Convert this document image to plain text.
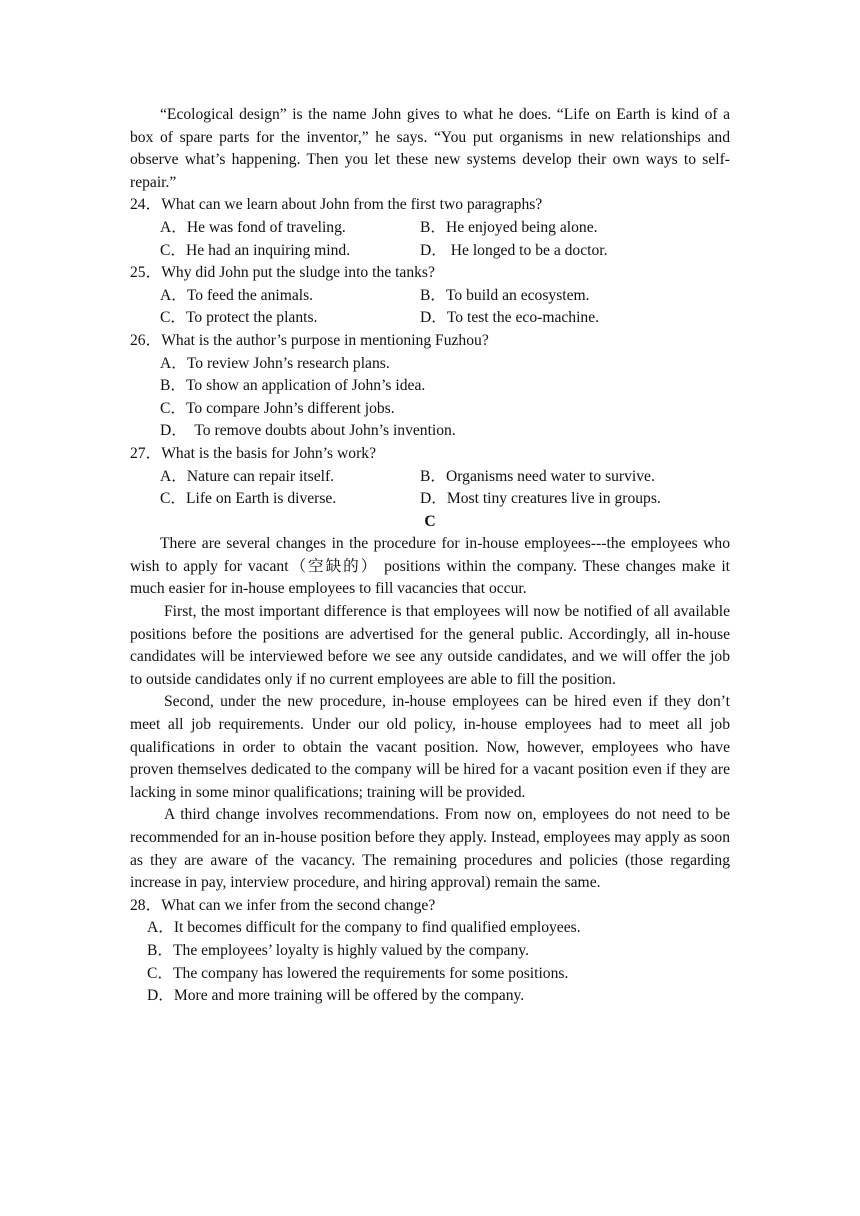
“Ecological design” is the name John gives to what he does. “Life on Earth is kind of a box of spare parts for the inventor,” he says. “You put organisms in new relationships and observe what’s happening. Then you let these new systems develop their own ways to self-repair.”

24．What can we learn about John from the first two paragraphs?

A．He was fond of traveling.	B．He enjoyed being alone.
C．He had an inquiring mind.	D． He longed to be a doctor.

25．Why did John put the sludge into the tanks?

A．To feed the animals.	B．To build an ecosystem.
C．To protect the plants.	D．To test the eco-machine.

26．What is the author’s purpose in mentioning Fuzhou?

A．To review John’s research plans.
B．To show an application of John’s idea.
C．To compare John’s different jobs.
D．  To remove doubts about John’s invention.

27．What is the basis for John’s work?

A．Nature can repair itself.	B．Organisms need water to survive.
C．Life on Earth is diverse.	D．Most tiny creatures live in groups.
C

There are several changes in the procedure for in-house employees---the employees who wish to apply for vacant（空缺的） positions within the company. These changes make it much easier for in-house employees to fill vacancies that occur.

First, the most important difference is that employees will now be notified of all available positions before the positions are advertised for the general public. Accordingly, all in-house candidates will be interviewed before we see any outside candidates, and we will offer the job to outside candidates only if no current employees are able to fill the position.

Second, under the new procedure, in-house employees can be hired even if they don’t meet all job requirements. Under our old policy, in-house employees had to meet all job qualifications in order to obtain the vacant position. Now, however, employees who have proven themselves dedicated to the company will be hired for a vacant position even if they are lacking in some minor qualifications; training will be provided.

A third change involves recommendations. From now on, employees do not need to be recommended for an in-house position before they apply. Instead, employees may apply as soon as they are aware of the vacancy. The remaining procedures and policies (those regarding increase in pay, interview procedure, and hiring approval) remain the same.

28．What can we infer from the second change?

A．It becomes difficult for the company to find qualified employees.
B．The employees’ loyalty is highly valued by the company.
C．The company has lowered the requirements for some positions.
D．More and more training will be offered by the company.
